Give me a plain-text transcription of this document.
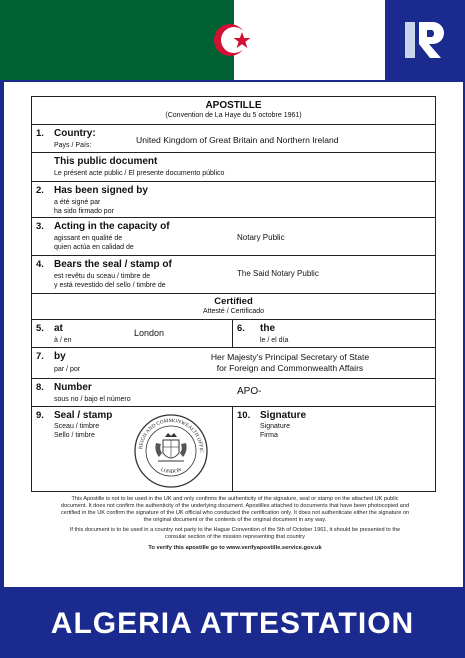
APOSTILLE
(Convention de La Haye du 5 octobre 1961)
1. Country:
Pays / País:
United Kingdom of Great Britain and Northern Ireland
This public document
Le présent acte public / El presente documento público
2. Has been signed by
a été signé par
ha sido firmado por
3. Acting in the capacity of
agissant en qualité de
quien actúa en calidad de
Notary Public
4. Bears the seal / stamp of
est revêtu du sceau / timbre de
y está revestido del sello / timbre de
The Said Notary Public
Certified
Attesté / Certificado
5. at
à / en
London	6. the
le / el día
7. by
par / por
Her Majesty's Principal Secretary of State
for Foreign and Commonwealth Affairs
8. Number
sous no / bajo el número
APO-
9. Seal / stamp
Sceau / timbre
Sello / timbre
REIGN AND COMMONWEALTH OFFIC
LONDON
10. Signature
Signature
Firma

This Apostille is not to be used in the UK and only confirms the authenticity of the signature, seal or stamp on the attached UK public document. It does not confirm the authenticity of the underlying document. Apostilles attached to documents that have been photocopied and certified in the UK confirm the signature of the UK official who conducted the certification only. It does not authenticate either the signature on the original document or the contents of the original document in any way.

If this document is to be used in a country not party to the Hague Convention of the 5th of October 1961, it should be presented to the consular section of the mission representing that country

To verify this apostille go to www.verifyapostille.service.gov.uk
ALGERIA ATTESTATION
